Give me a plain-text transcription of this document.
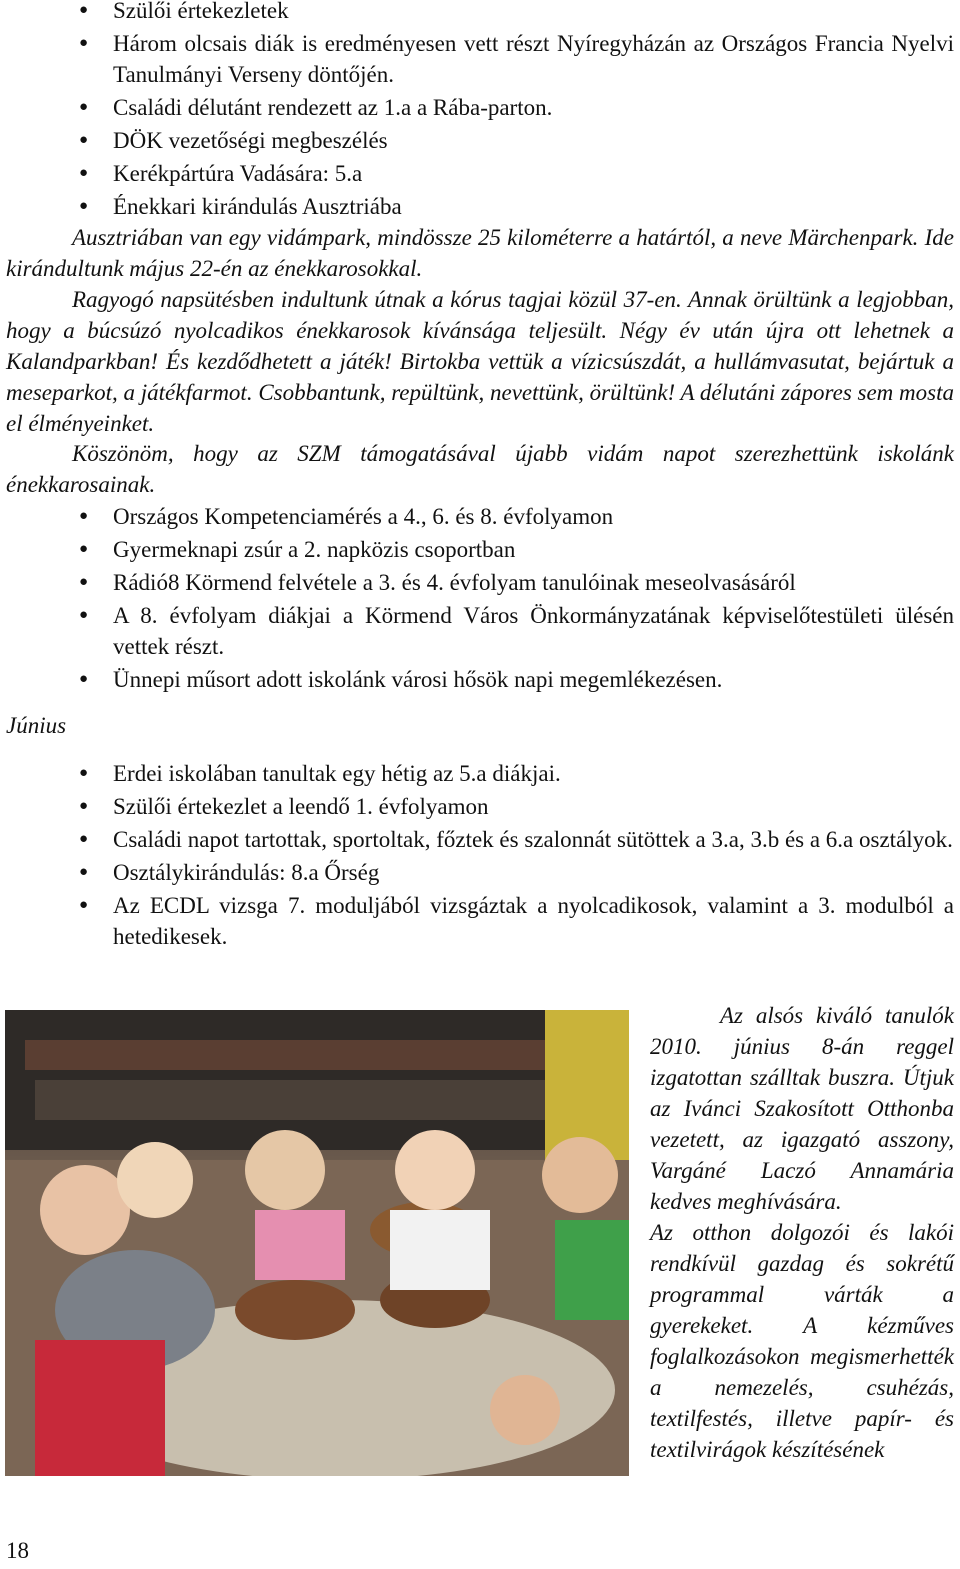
● Szülői értekezletek
● Három olcsais diák is eredményesen vett részt Nyíregyházán az Országos Francia Nyelvi Tanulmányi Verseny döntőjén.
● Családi délutánt rendezett az 1.a a Rába-parton.
● DÖK vezetőségi megbeszélés
● Kerékpártúra Vadására: 5.a
● Énekkari kirándulás Ausztriába

Ausztriában van egy vidámpark, mindössze 25 kilométerre a határtól, a neve Märchenpark. Ide kirándultunk május 22-én az énekkarosokkal.

Ragyogó napsütésben indultunk útnak a kórus tagjai közül 37-en. Annak örültünk a legjobban, hogy a búcsúzó nyolcadikos énekkarosok kívánsága teljesült. Négy év után újra ott lehetnek a Kalandparkban! És kezdődhetett a játék! Birtokba vettük a vízicsúszdát, a hullámvasutat, bejártuk a meseparkot, a játékfarmot. Csobbantunk, repültünk, nevettünk, örültünk! A délutáni zápores sem mosta el élményeinket.

Köszönöm, hogy az SZM támogatásával újabb vidám napot szerezhettünk iskolánk énekkarosainak.

● Országos Kompetenciamérés a 4., 6. és 8. évfolyamon
● Gyermeknapi zsúr a 2. napközis csoportban
● Rádió8 Körmend felvétele a 3. és 4. évfolyam tanulóinak meseolvasásáról
● A 8. évfolyam diákjai a Körmend Város Önkormányzatának képviselőtestületi ülésén vettek részt.
● Ünnepi műsort adott iskolánk városi hősök napi megemlékezésen.
Június
● Erdei iskolában tanultak egy hétig az 5.a diákjai.
● Szülői értekezlet a leendő 1. évfolyamon
● Családi napot tartottak, sportoltak, főztek és szalonnát sütöttek a 3.a, 3.b és a 6.a osztályok.
● Osztálykirándulás: 8.a Őrség
● Az ECDL vizsga 7. moduljából vizsgáztak a nyolcadikosok, valamint a 3. modulból a hetedikesek.

Az alsós kiváló tanulók 2010. június 8-án reggel izgatottan szálltak buszra. Útjuk az Ivánci Szakosított Otthonba vezetett, az igazgató asszony, Vargáné Laczó Annamária kedves meghívására.

Az otthon dolgozói és lakói rendkívül gazdag és sokrétű programmal várták a gyerekeket. A kézműves foglalkozásokon megismerhették a nemezelés, csuhézás, textilfestés, illetve papír- és textilvirágok készítésének

18
